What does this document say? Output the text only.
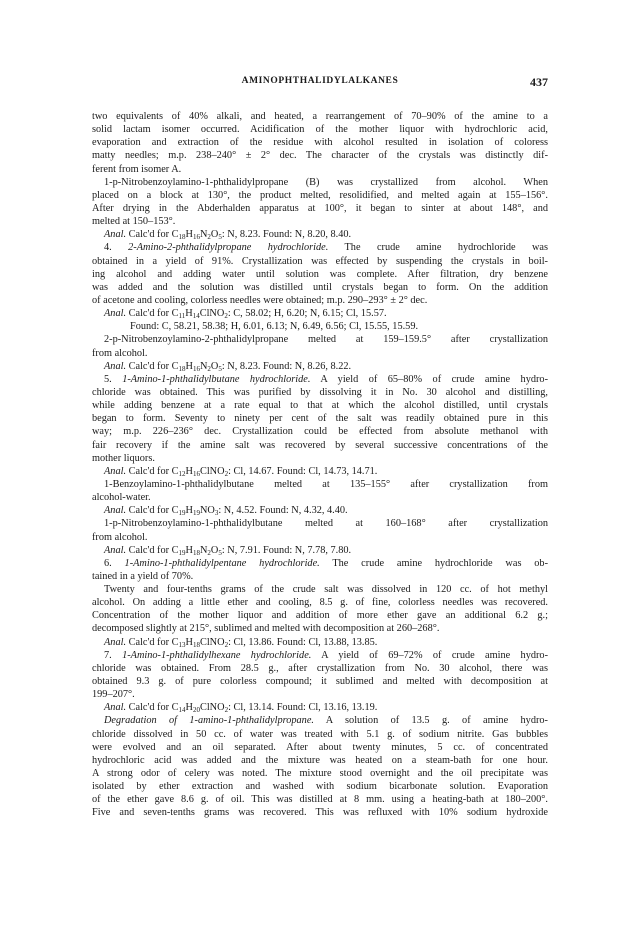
AMINOPHTHALIDYLALKANES	437
two equivalents of 40% alkali, and heated, a rearrangement of 70–90% of the amine to a
solid lactam isomer occurred. Acidification of the mother liquor with hydrochloric acid,
evaporation and extraction of the residue with alcohol resulted in isolation of coloress
matty needles; m.p. 238–240° ± 2° dec. The character of the crystals was distinctly dif-
ferent from isomer A.
1-p-Nitrobenzoylamino-1-phthalidylpropane (B) was crystallized from alcohol. When
placed on a block at 130°, the product melted, resolidified, and melted again at 155–156°.
After drying in the Abderhalden apparatus at 100°, it began to sinter at about 148°, and
melted at 150–153°.
Anal. Calc'd for $C_{18}H_{16}N_2O_5$: N, 8.23. Found: N, 8.20, 8.40.
4. 2-Amino-2-phthalidylpropane hydrochloride. The crude amine hydrochloride was
obtained in a yield of 91%. Crystallization was effected by suspending the crystals in boil-
ing alcohol and adding water until solution was complete. After filtration, dry benzene
was added and the solution was distilled until crystals began to form. On the addition
of acetone and cooling, colorless needles were obtained; m.p. 290–293° ± 2° dec.
Anal. Calc'd for $C_{11}H_{14}ClNO_2$: C, 58.02; H, 6.20; N, 6.15; Cl, 15.57.
Found: C, 58.21, 58.38; H, 6.01, 6.13; N, 6.49, 6.56; Cl, 15.55, 15.59.
2-p-Nitrobenzoylamino-2-phthalidylpropane melted at 159–159.5° after crystallization
from alcohol.
Anal. Calc'd for $C_{18}H_{16}N_2O_5$: N, 8.23. Found: N, 8.26, 8.22.
5. 1-Amino-1-phthalidylbutane hydrochloride. A yield of 65–80% of crude amine hydro-
chloride was obtained. This was purified by dissolving it in No. 30 alcohol and distilling,
while adding benzene at a rate equal to that at which the alcohol distilled, until crystals
began to form. Seventy to ninety per cent of the salt was readily obtained pure in this
way; m.p. 226–236° dec. Crystallization could be effected from absolute methanol with
fair recovery if the amine salt was recovered by several successive concentrations of the
mother liquors.
Anal. Calc'd for $C_{12}H_{16}ClNO_2$: Cl, 14.67. Found: Cl, 14.73, 14.71.
1-Benzoylamino-1-phthalidylbutane melted at 135–155° after crystallization from
alcohol-water.
Anal. Calc'd for $C_{19}H_{19}NO_3$: N, 4.52. Found: N, 4.32, 4.40.
1-p-Nitrobenzoylamino-1-phthalidylbutane melted at 160–168° after crystallization
from alcohol.
Anal. Calc'd for $C_{19}H_{18}N_2O_5$: N, 7.91. Found: N, 7.78, 7.80.
6. 1-Amino-1-phthalidylpentane hydrochloride. The crude amine hydrochloride was ob-
tained in a yield of 70%.
Twenty and four-tenths grams of the crude salt was dissolved in 120 cc. of hot methyl
alcohol. On adding a little ether and cooling, 8.5 g. of fine, colorless needles was recovered.
Concentration of the mother liquor and addition of more ether gave an additional 6.2 g.;
decomposed slightly at 215°, sublimed and melted with decomposition at 260–268°.
Anal. Calc'd for $C_{13}H_{18}ClNO_2$: Cl, 13.86. Found: Cl, 13.88, 13.85.
7. 1-Amino-1-phthalidylhexane hydrochloride. A yield of 69–72% of crude amine hydro-
chloride was obtained. From 28.5 g., after crystallization from No. 30 alcohol, there was
obtained 9.3 g. of pure colorless compound; it sublimed and melted with decomposition at
199–207°.
Anal. Calc'd for $C_{14}H_{20}ClNO_2$: Cl, 13.14. Found: Cl, 13.16, 13.19.
Degradation of 1-amino-1-phthalidylpropane. A solution of 13.5 g. of amine hydro-
chloride dissolved in 50 cc. of water was treated with 5.1 g. of sodium nitrite. Gas bubbles
were evolved and an oil separated. After about twenty minutes, 5 cc. of concentrated
hydrochloric acid was added and the mixture was heated on a steam-bath for one hour.
A strong odor of celery was noted. The mixture stood overnight and the oil precipitate was
isolated by ether extraction and washed with sodium bicarbonate solution. Evaporation
of the ether gave 8.6 g. of oil. This was distilled at 8 mm. using a heating-bath at 180–200°.
Five and seven-tenths grams was recovered. This was refluxed with 10% sodium hydroxide
